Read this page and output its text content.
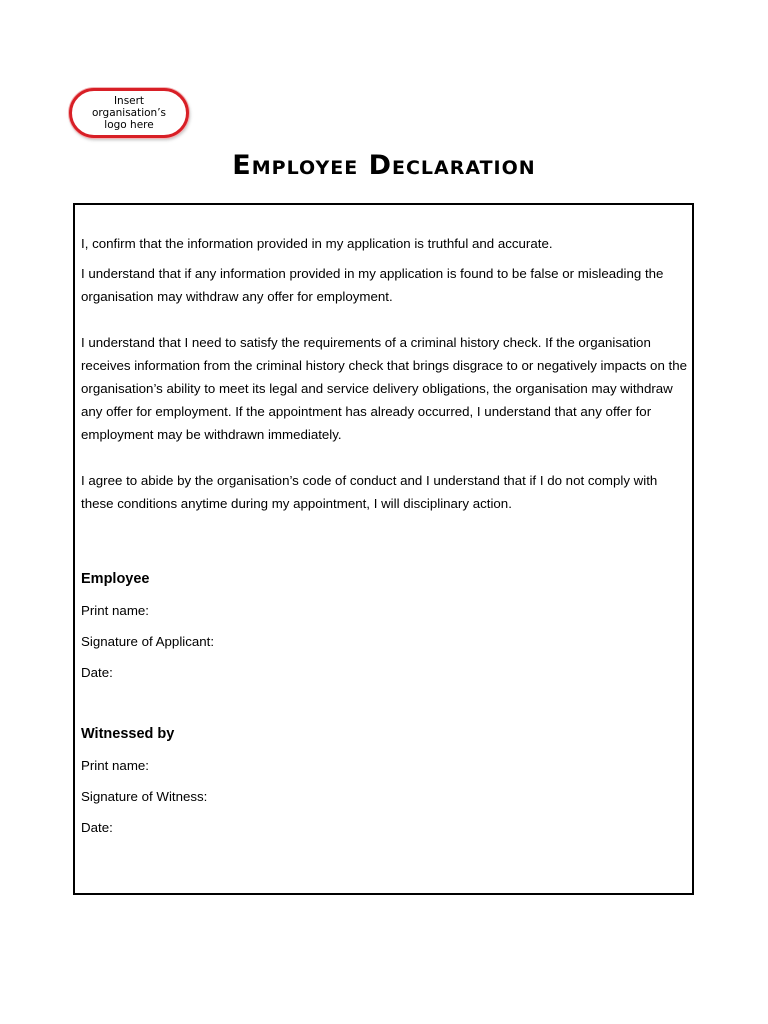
Insert
organisation’s
logo here
Employee Declaration

I, confirm that the information provided in my application is truthful and accurate.

I understand that if any information provided in my application is found to be false or misleading the organisation may withdraw any offer for employment.

I understand that I need to satisfy the requirements of a criminal history check. If the organisation receives information from the criminal history check that brings disgrace to or negatively impacts on the organisation’s ability to meet its legal and service delivery obligations, the organisation may withdraw any offer for employment. If the appointment has already occurred, I understand that any offer for employment may be withdrawn immediately.

I agree to abide by the organisation’s code of conduct and I understand that if I do not comply with these conditions anytime during my appointment, I will disciplinary action.

Employee
Print name:
Signature of Applicant:
Date:
Witnessed by
Print name:
Signature of Witness:
Date:
